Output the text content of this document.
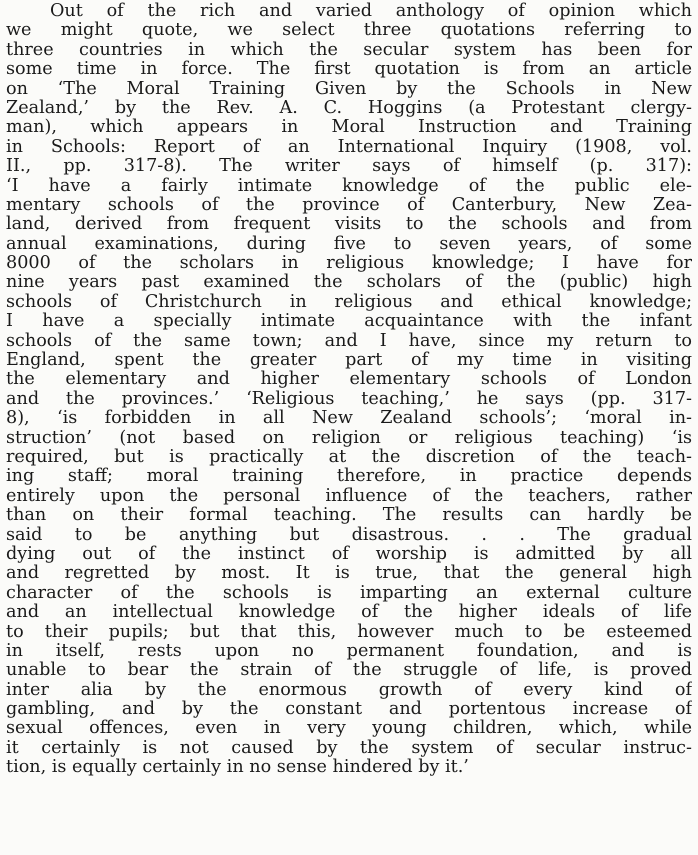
Out of the rich and varied anthology of opinion which
we might quote, we select three quotations referring to
three countries in which the secular system has been for
some time in force. The first quotation is from an article
on ‘The Moral Training Given by the Schools in New
Zealand,’ by the Rev. A. C. Hoggins (a Protestant clergy-
man), which appears in Moral Instruction and Training
in Schools: Report of an International Inquiry (1908, vol.
II., pp. 317-8). The writer says of himself (p. 317):
‘I have a fairly intimate knowledge of the public ele-
mentary schools of the province of Canterbury, New Zea-
land, derived from frequent visits to the schools and from
annual examinations, during five to seven years, of some
8000 of the scholars in religious knowledge; I have for
nine years past examined the scholars of the (public) high
schools of Christchurch in religious and ethical knowledge;
I have a specially intimate acquaintance with the infant
schools of the same town; and I have, since my return to
England, spent the greater part of my time in visiting
the elementary and higher elementary schools of London
and the provinces.’ ‘Religious teaching,’ he says (pp. 317-
8), ‘is forbidden in all New Zealand schools’; ‘moral in-
struction’ (not based on religion or religious teaching) ‘is
required, but is practically at the discretion of the teach-
ing staff; moral training therefore, in practice depends
entirely upon the personal influence of the teachers, rather
than on their formal teaching. The results can hardly be
said to be anything but disastrous. . . The gradual
dying out of the instinct of worship is admitted by all
and regretted by most. It is true, that the general high
character of the schools is imparting an external culture
and an intellectual knowledge of the higher ideals of life
to their pupils; but that this, however much to be esteemed
in itself, rests upon no permanent foundation, and is
unable to bear the strain of the struggle of life, is proved
inter alia by the enormous growth of every kind of
gambling, and by the constant and portentous increase of
sexual offences, even in very young children, which, while
it certainly is not caused by the system of secular instruc-
tion, is equally certainly in no sense hindered by it.’
